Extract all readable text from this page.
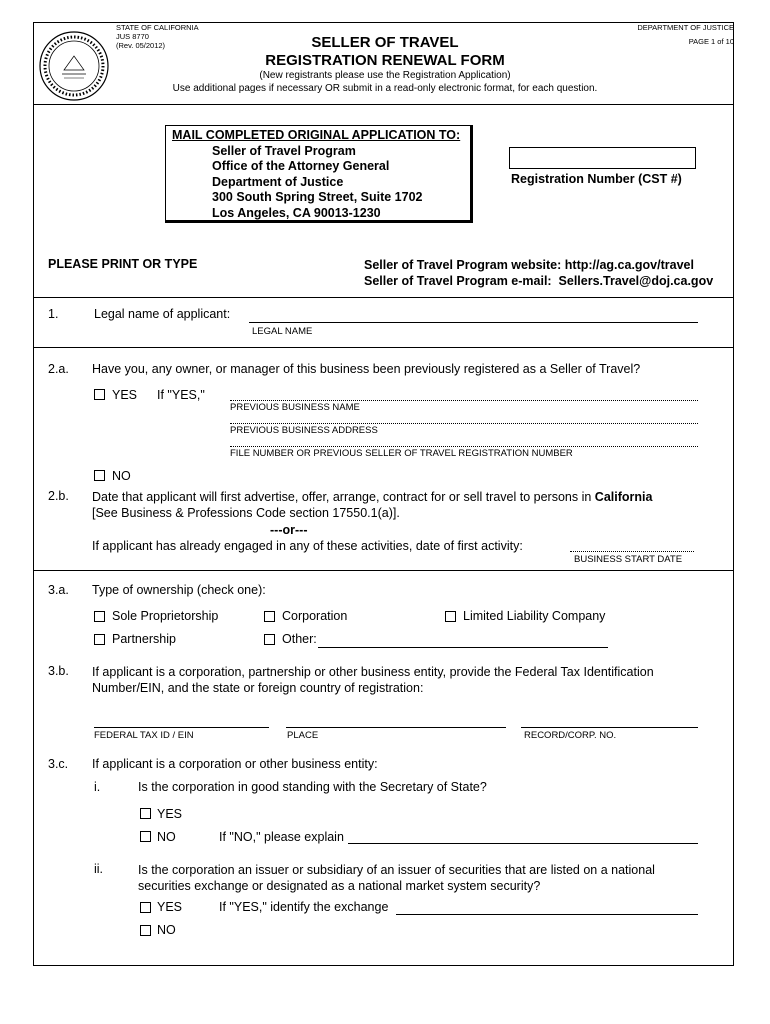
STATE OF CALIFORNIA
JUS 8770
(Rev. 05/2012)
DEPARTMENT OF JUSTICE
PAGE 1 of 10
SELLER OF TRAVEL
REGISTRATION RENEWAL FORM
(New registrants please use the Registration Application)
Use additional pages if necessary OR submit in a read-only electronic format, for each question.
MAIL COMPLETED ORIGINAL APPLICATION TO:
Seller of Travel Program
Office of the Attorney General
Department of Justice
300 South Spring Street, Suite 1702
Los Angeles, CA 90013-1230
Registration Number (CST #)
PLEASE PRINT OR TYPE	Seller of Travel Program website: http://ag.ca.gov/travel
Seller of Travel Program e-mail: Sellers.Travel@doj.ca.gov
1.	Legal name of applicant:
LEGAL NAME
2.a. Have you, any owner, or manager of this business been previously registered as a Seller of Travel?
YES If "YES,"
PREVIOUS BUSINESS NAME
PREVIOUS BUSINESS ADDRESS
FILE NUMBER OR PREVIOUS SELLER OF TRAVEL REGISTRATION NUMBER
NO
2.b. Date that applicant will first advertise, offer, arrange, contract for or sell travel to persons in California
[See Business & Professions Code section 17550.1(a)].
---or---
If applicant has already engaged in any of these activities, date of first activity:
BUSINESS START DATE
3.a. Type of ownership (check one):
Sole Proprietorship	Corporation	Limited Liability Company
Partnership	Other:
3.b. If applicant is a corporation, partnership or other business entity, provide the Federal Tax Identification
Number/EIN, and the state or foreign country of registration:
FEDERAL TAX ID / EIN	PLACE	RECORD/CORP. NO.
3.c. If applicant is a corporation or other business entity:
i.	Is the corporation in good standing with the Secretary of State?
YES
NO	If "NO," please explain
ii.	Is the corporation an issuer or subsidiary of an issuer of securities that are listed on a national
securities exchange or designated as a national market system security?
YES	If "YES," identify the exchange
NO
